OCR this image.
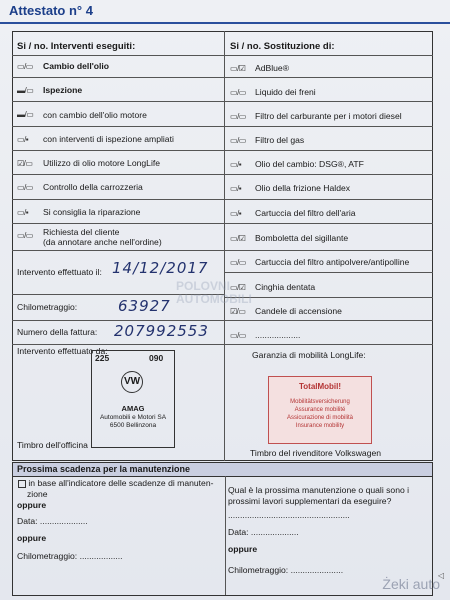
Attestato n° 4
Si / no. Interventi eseguiti:	Si / no. Sostituzione di:
▭/▭ Cambio dell'olio
▬/▭ Ispezione
▬/▭ con cambio dell'olio motore
▭/▪ con interventi di ispezione ampliati
☑/▭ Utilizzo di olio motore LongLife
▭/▭ Controllo della carrozzeria
▭/▪ Si consiglia la riparazione
▭/▭ Richiesta del cliente
(da annotare anche nell'ordine)
Intervento effettuato il: 14/12/2017
Chilometraggio:	63927
Numero della fattura: 207992553
Intervento effettuato da:
225	090
VW
AMAG
Automobili e Motori SA
6500 Bellinzona
Timbro dell'officina
▭/☑ AdBlue®
▭/▭ Liquido dei freni
▭/▭ Filtro del carburante per i motori diesel
▭/▭ Filtro del gas
▭/▪ Olio del cambio: DSG®, ATF
▭/▪ Olio della frizione Haldex
▭/▪ Cartuccia del filtro dell'aria
▭/☑ Bomboletta del sigillante
▭/▭ Cartuccia del filtro antipolvere/antipolline
▭/☑ Cinghia dentata
☑/▭ Candele di accensione
▭/▭ ...................
Garanzia di mobilità LongLife:
TotalMobil!
Mobilitätsversicherung
Assurance mobilité
Assicurazione di mobilità
Insurance mobility
Timbro del rivenditore Volkswagen
Prossima scadenza per la manutenzione
in base all'indicatore delle scadenze di manuten-
zione
oppure
Data: ....................
oppure
Chilometraggio: ..................
Qual è la prossima manutenzione o quali sono i
prossimi lavori supplementari da eseguire?
...................................................
Data: ....................
oppure
Chilometraggio: ......................
POLOVNI
AUTOMOBILI
Żeki auto
◁
